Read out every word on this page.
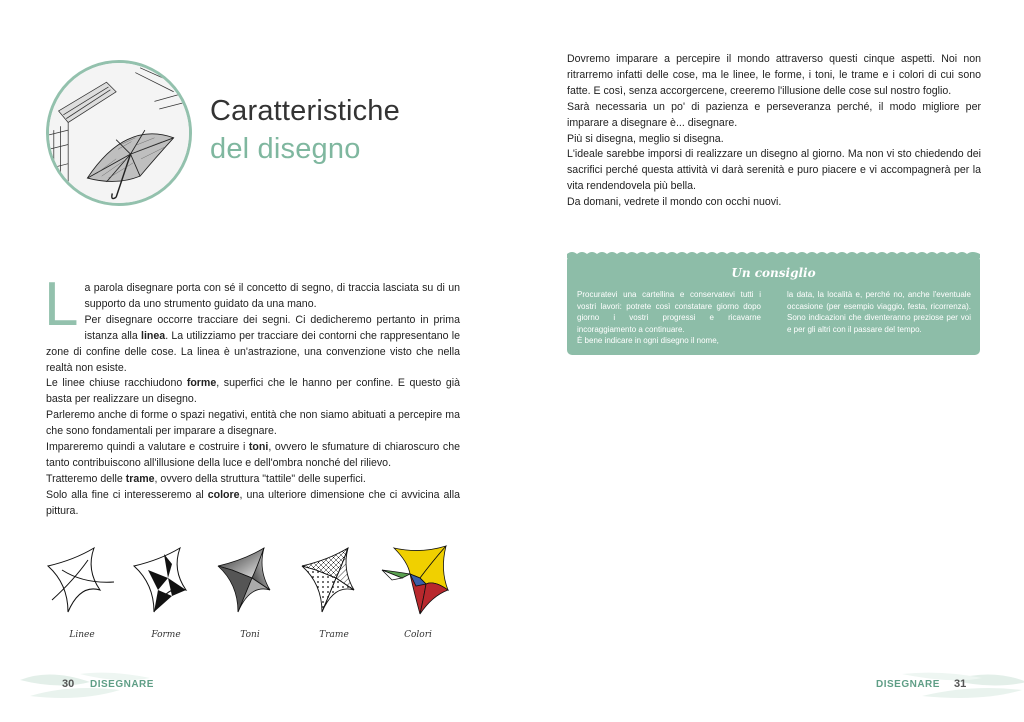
Caratteristiche
del disegno
L a parola disegnare porta con sé il concetto di segno, di traccia lasciata su di un supporto da uno strumento guidato da una mano.

Per disegnare occorre tracciare dei segni. Ci dedicheremo pertanto in prima istanza alla linea. La utilizziamo per tracciare dei contorni che rappresentano le zone di confine delle cose. La linea è un'astrazione, una convenzione visto che nella realtà non esiste.

Le linee chiuse racchiudono forme, superfici che le hanno per confine. E questo già basta per realizzare un disegno.

Parleremo anche di forme o spazi negativi, entità che non siamo abituati a percepire ma che sono fondamentali per imparare a disegnare.

Impareremo quindi a valutare e costruire i toni, ovvero le sfumature di chiaroscuro che tanto contribuiscono all'illusione della luce e dell'ombra nonché del rilievo.

Tratteremo delle trame, ovvero della struttura "tattile" delle superfici.

Solo alla fine ci interesseremo al colore, una ulteriore dimensione che ci avvicina alla pittura.

Linee	Forme	Toni	Trame	Colori
30 DISEGNARE

Dovremo imparare a percepire il mondo attraverso questi cinque aspetti. Noi non ritrarremo infatti delle cose, ma le linee, le forme, i toni, le trame e i colori di cui sono fatte. E così, senza accorgercene, creeremo l'illusione delle cose sul nostro foglio.

Sarà necessaria un po' di pazienza e perseveranza perché, il modo migliore per imparare a disegnare è... disegnare.

Più si disegna, meglio si disegna.

L'ideale sarebbe imporsi di realizzare un disegno al giorno. Ma non vi sto chiedendo dei sacrifici perché questa attività vi darà serenità e puro piacere e vi accompagnerà per la vita rendendovela più bella.

Da domani, vedrete il mondo con occhi nuovi.

Un consiglio

Procuratevi una cartellina e conservatevi tutti i vostri lavori: potrete così constatare giorno dopo giorno i vostri progressi e ricavarne incoraggiamento a continuare.
È bene indicare in ogni disegno il nome,

la data, la località e, perché no, anche l'eventuale occasione (per esempio viaggio, festa, ricorrenza). Sono indicazioni che diventeranno preziose per voi e per gli altri con il passare del tempo.

DISEGNARE 31
